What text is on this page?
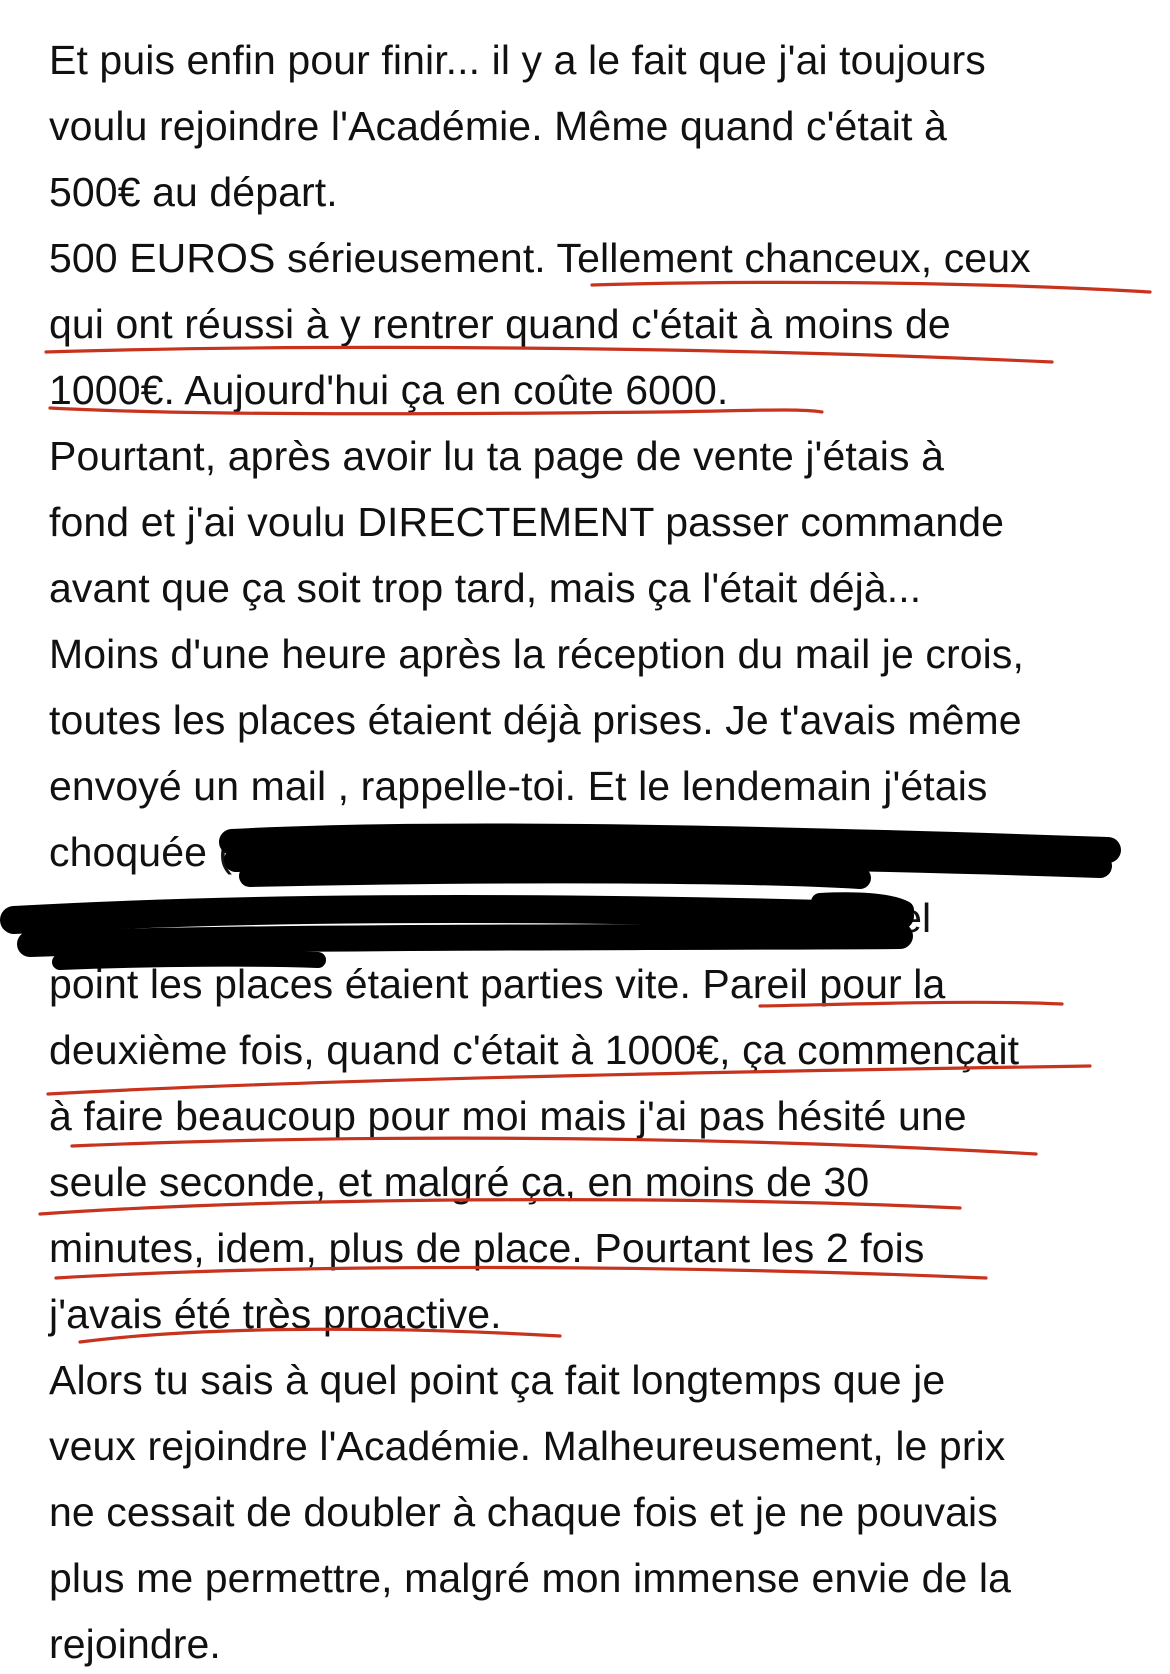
Et puis enfin pour finir... il y a le fait que j'ai toujours
voulu rejoindre l'Académie. Même quand c'était à
500€ au départ.
500 EUROS sérieusement. Tellement chanceux, ceux
qui ont réussi à y rentrer quand c'était à moins de
1000€. Aujourd'hui ça en coûte 6000.
Pourtant, après avoir lu ta page de vente j'étais à
fond et j'ai voulu DIRECTEMENT passer commande
avant que ça soit trop tard, mais ça l'était déjà...
Moins d'une heure après la réception du mail je crois,
toutes les places étaient déjà prises. Je t'avais même
envoyé un mail , rappelle-toi. Et le lendemain j'étais
choquée (
à quel
point les places étaient parties vite. Pareil pour la
deuxième fois, quand c'était à 1000€, ça commençait
à faire beaucoup pour moi mais j'ai pas hésité une
seule seconde, et malgré ça, en moins de 30
minutes, idem, plus de place. Pourtant les 2 fois
j'avais été très proactive.
Alors tu sais à quel point ça fait longtemps que je
veux rejoindre l'Académie. Malheureusement, le prix
ne cessait de doubler à chaque fois et je ne pouvais
plus me permettre, malgré mon immense envie de la
rejoindre.
